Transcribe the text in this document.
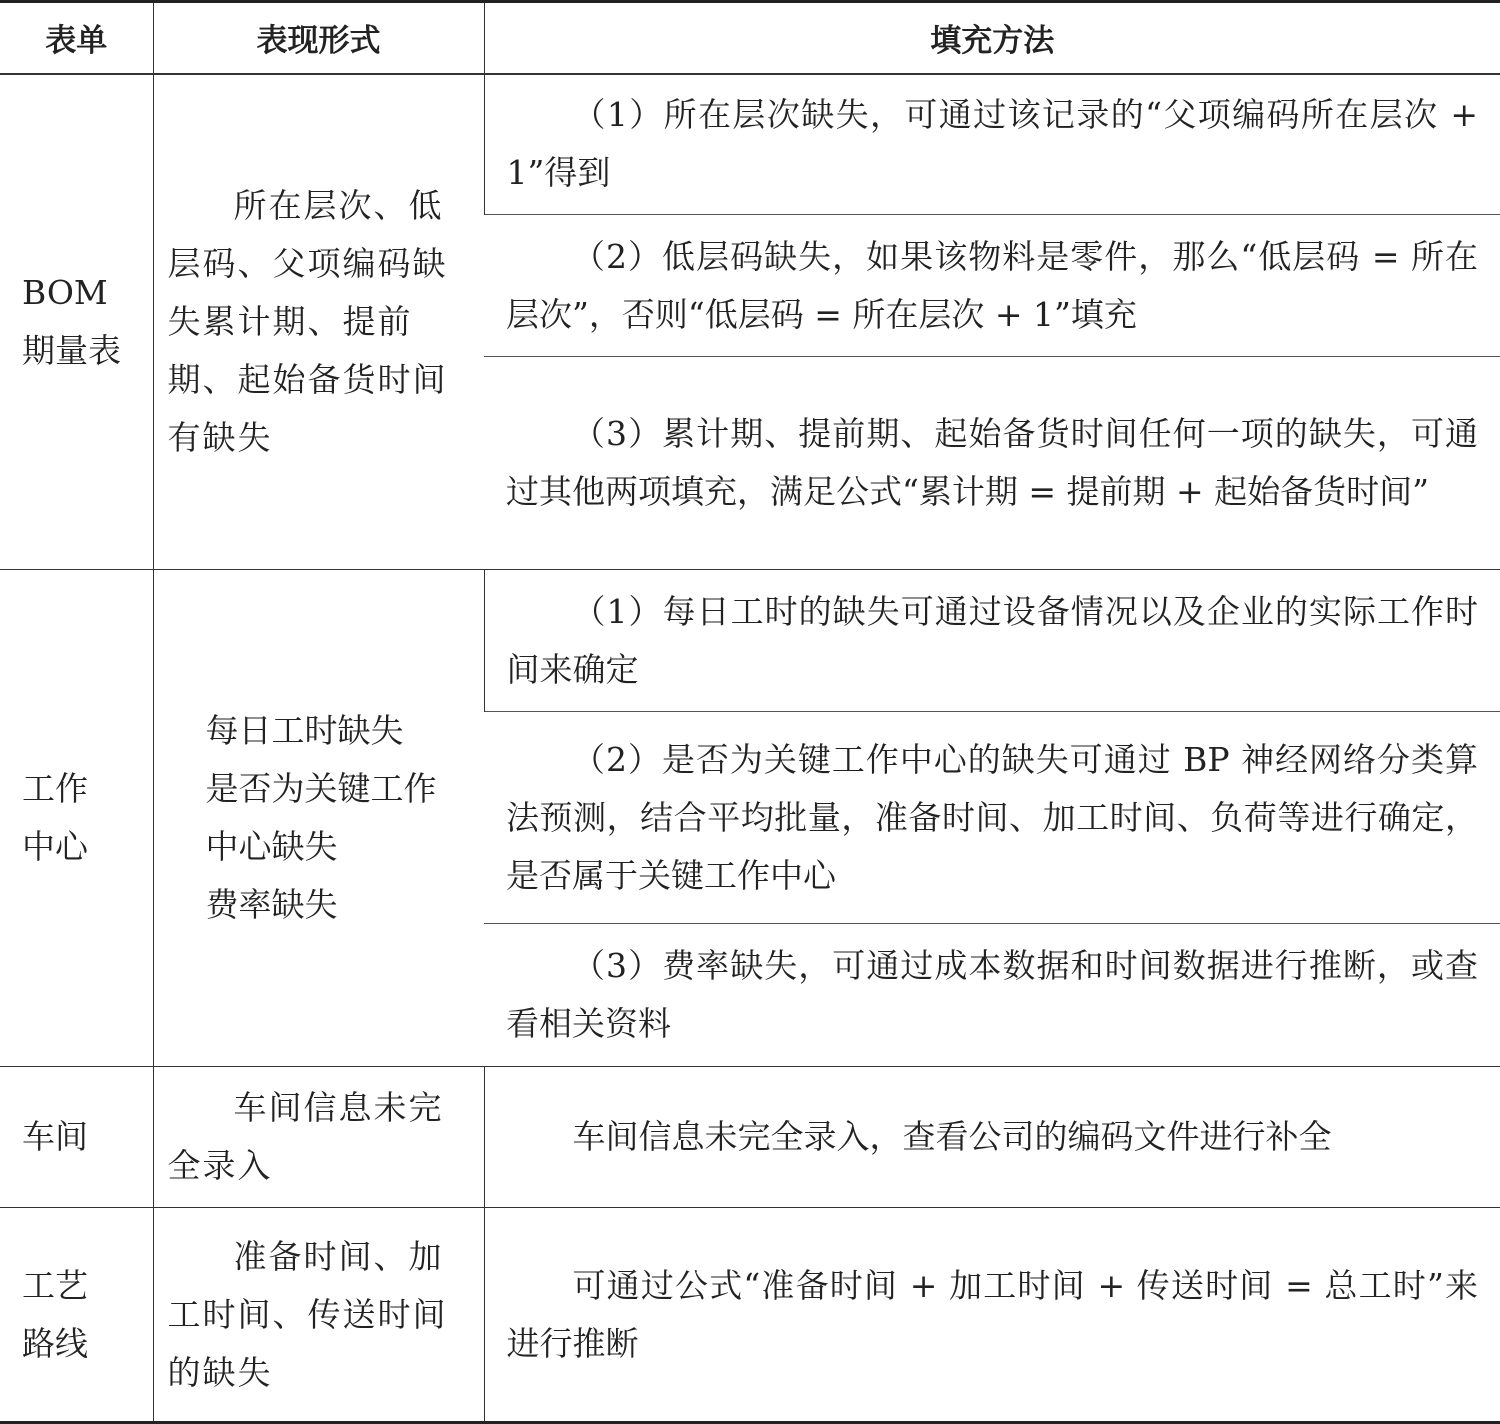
表单	表现形式	填充方法

BOM
期量表	所在层次、低层码、父项编码缺失累计期、提前期、起始备货时间有缺失	（1）所在层次缺失，可通过该记录的“父项编码所在层次 + 1”得到

		（2）低层码缺失，如果该物料是零件，那么“低层码 = 所在层次”，否则“低层码 = 所在层次 + 1”填充

		（3）累计期、提前期、起始备货时间任何一项的缺失，可通过其他两项填充，满足公式“累计期 = 提前期 + 起始备货时间”

工作
中心	每日工时缺失
是否为关键工作
中心缺失
费率缺失	（1）每日工时的缺失可通过设备情况以及企业的实际工作时间来确定

		（2）是否为关键工作中心的缺失可通过 BP 神经网络分类算法预测，结合平均批量，准备时间、加工时间、负荷等进行确定，是否属于关键工作中心

		（3）费率缺失，可通过成本数据和时间数据进行推断，或查看相关资料

车间	车间信息未完全录入	车间信息未完全录入，查看公司的编码文件进行补全

工艺
路线	准备时间、加工时间、传送时间的缺失	可通过公式“准备时间 + 加工时间 + 传送时间 = 总工时”来进行推断
